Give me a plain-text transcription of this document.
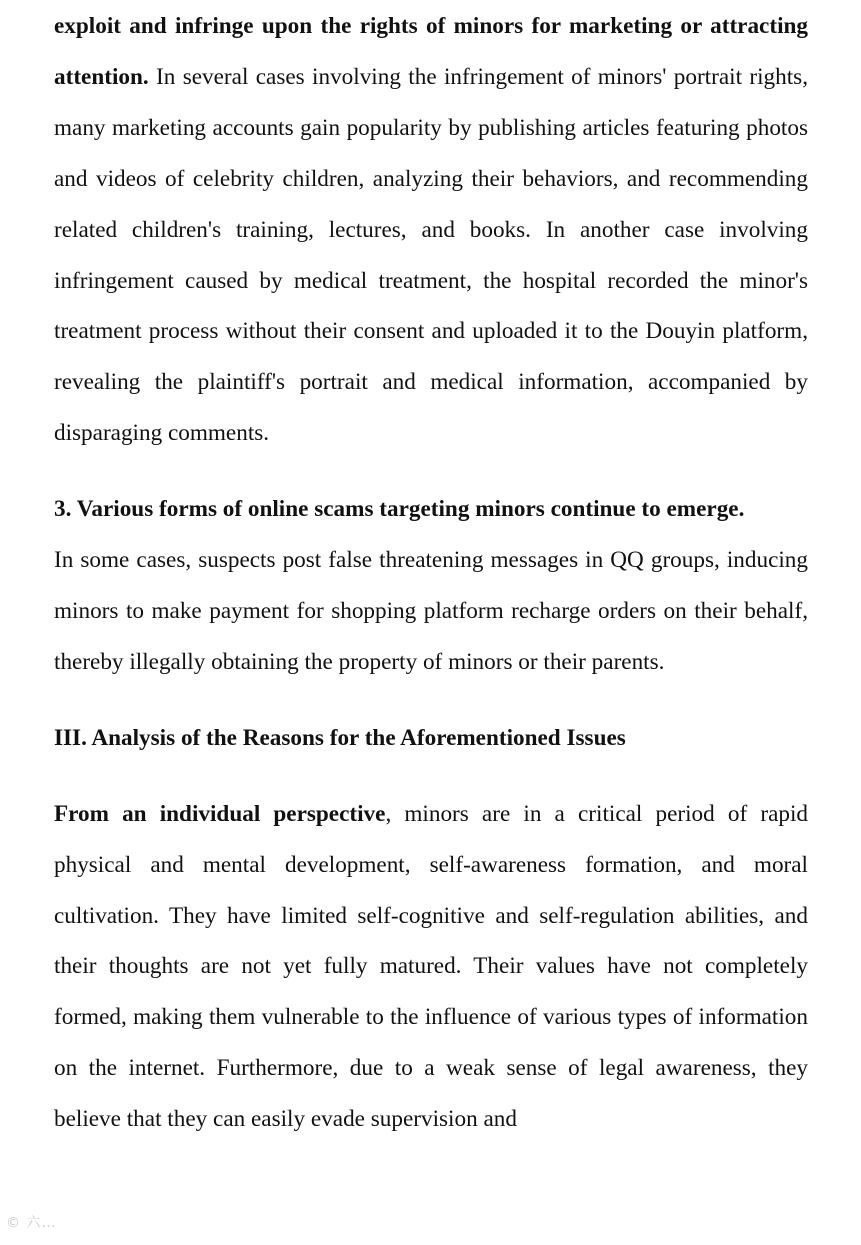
exploit and infringe upon the rights of minors for marketing or attracting attention. In several cases involving the infringement of minors' portrait rights, many marketing accounts gain popularity by publishing articles featuring photos and videos of celebrity children, analyzing their behaviors, and recommending related children's training, lectures, and books. In another case involving infringement caused by medical treatment, the hospital recorded the minor's treatment process without their consent and uploaded it to the Douyin platform, revealing the plaintiff's portrait and medical information, accompanied by disparaging comments.

3. Various forms of online scams targeting minors continue to emerge.
In some cases, suspects post false threatening messages in QQ groups, inducing minors to make payment for shopping platform recharge orders on their behalf, thereby illegally obtaining the property of minors or their parents.

III. Analysis of the Reasons for the Aforementioned Issues

From an individual perspective, minors are in a critical period of rapid physical and mental development, self-awareness formation, and moral cultivation. They have limited self-cognitive and self-regulation abilities, and their thoughts are not yet fully matured. Their values have not completely formed, making them vulnerable to the influence of various types of information on the internet. Furthermore, due to a weak sense of legal awareness, they believe that they can easily evade supervision and

© 六…
